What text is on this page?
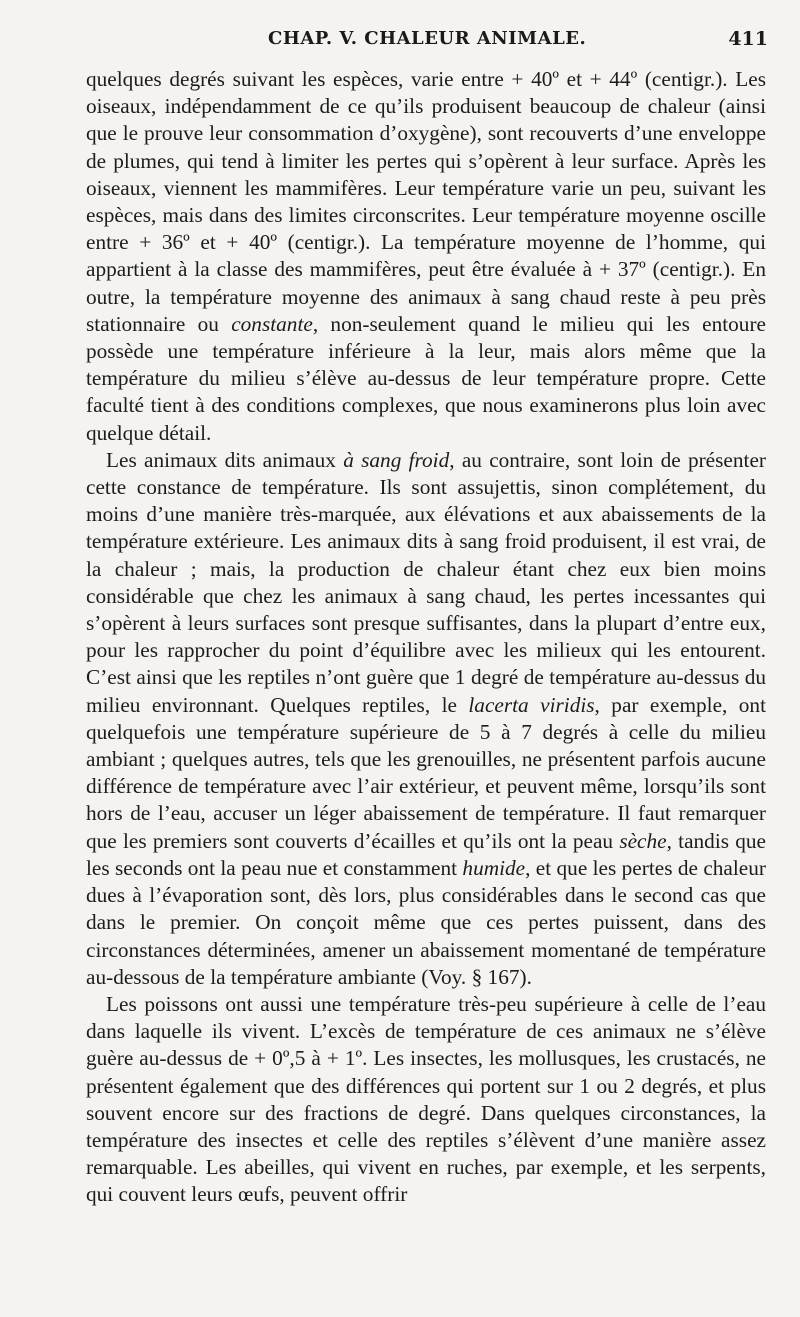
CHAP. V. CHALEUR ANIMALE.	411

quelques degrés suivant les espèces, varie entre + 40º et + 44º (centigr.). Les oiseaux, indépendamment de ce qu’ils produisent beaucoup de chaleur (ainsi que le prouve leur consommation d’oxygène), sont recouverts d’une enveloppe de plumes, qui tend à limiter les pertes qui s’opèrent à leur surface. Après les oiseaux, viennent les mammifères. Leur température varie un peu, suivant les espèces, mais dans des limites circonscrites. Leur température moyenne oscille entre + 36º et + 40º (centigr.). La température moyenne de l’homme, qui appartient à la classe des mammifères, peut être évaluée à + 37º (centigr.). En outre, la température moyenne des animaux à sang chaud reste à peu près stationnaire ou constante, non-seulement quand le milieu qui les entoure possède une température inférieure à la leur, mais alors même que la température du milieu s’élève au-dessus de leur température propre. Cette faculté tient à des conditions complexes, que nous examinerons plus loin avec quelque détail.

Les animaux dits animaux à sang froid, au contraire, sont loin de présenter cette constance de température. Ils sont assujettis, sinon complétement, du moins d’une manière très-marquée, aux élévations et aux abaissements de la température extérieure. Les animaux dits à sang froid produisent, il est vrai, de la chaleur ; mais, la production de chaleur étant chez eux bien moins considérable que chez les animaux à sang chaud, les pertes incessantes qui s’opèrent à leurs surfaces sont presque suffisantes, dans la plupart d’entre eux, pour les rapprocher du point d’équilibre avec les milieux qui les entourent. C’est ainsi que les reptiles n’ont guère que 1 degré de température au-dessus du milieu environnant. Quelques reptiles, le lacerta viridis, par exemple, ont quelquefois une température supérieure de 5 à 7 degrés à celle du milieu ambiant ; quelques autres, tels que les grenouilles, ne présentent parfois aucune différence de température avec l’air extérieur, et peuvent même, lorsqu’ils sont hors de l’eau, accuser un léger abaissement de température. Il faut remarquer que les premiers sont couverts d’écailles et qu’ils ont la peau sèche, tandis que les seconds ont la peau nue et constamment humide, et que les pertes de chaleur dues à l’évaporation sont, dès lors, plus considérables dans le second cas que dans le premier. On conçoit même que ces pertes puissent, dans des circonstances déterminées, amener un abaissement momentané de température au-dessous de la température ambiante (Voy. § 167).

Les poissons ont aussi une température très-peu supérieure à celle de l’eau dans laquelle ils vivent. L’excès de température de ces animaux ne s’élève guère au-dessus de + 0º,5 à + 1º. Les insectes, les mollusques, les crustacés, ne présentent également que des différences qui portent sur 1 ou 2 degrés, et plus souvent encore sur des fractions de degré. Dans quelques circonstances, la température des insectes et celle des reptiles s’élèvent d’une manière assez remarquable. Les abeilles, qui vivent en ruches, par exemple, et les serpents, qui couvent leurs œufs, peuvent offrir
